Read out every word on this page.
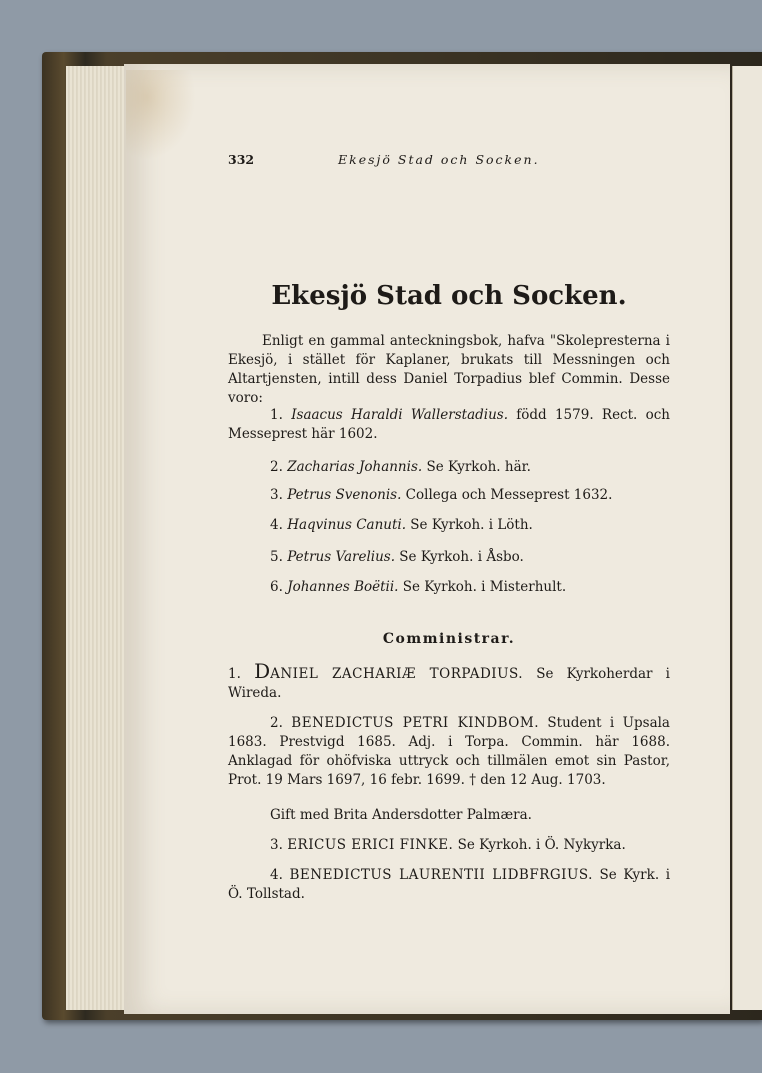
332	Ekesjö Stad och Socken.
Ekesjö Stad och Socken.

Enligt en gammal anteckningsbok, hafva "Skolepresterna i Ekesjö, i stället för Kaplaner, brukats till Messningen och Altartjensten, intill dess Daniel Torpadius blef Commin. Desse voro:

1. Isaacus Haraldi Wallerstadius. född 1579. Rect. och Messeprest här 1602.

2. Zacharias Johannis. Se Kyrkoh. här.

3. Petrus Svenonis. Collega och Messeprest 1632.

4. Haqvinus Canuti. Se Kyrkoh. i Löth.

5. Petrus Varelius. Se Kyrkoh. i Åsbo.

6. Johannes Boëtii. Se Kyrkoh. i Misterhult.

Comministrar.

1. DANIEL ZACHARIÆ TORPADIUS. Se Kyrkoherdar i Wireda.

2. BENEDICTUS PETRI KINDBOM. Student i Upsala 1683. Prestvigd 1685. Adj. i Torpa. Commin. här 1688. Anklagad för ohöfviska uttryck och tillmälen emot sin Pastor, Prot. 19 Mars 1697, 16 febr. 1699. † den 12 Aug. 1703.

Gift med Brita Andersdotter Palmæra.

3. ERICUS ERICI FINKE. Se Kyrkoh. i Ö. Nykyrka.

4. BENEDICTUS LAURENTII LIDBFRGIUS. Se Kyrk. i Ö. Tollstad.
